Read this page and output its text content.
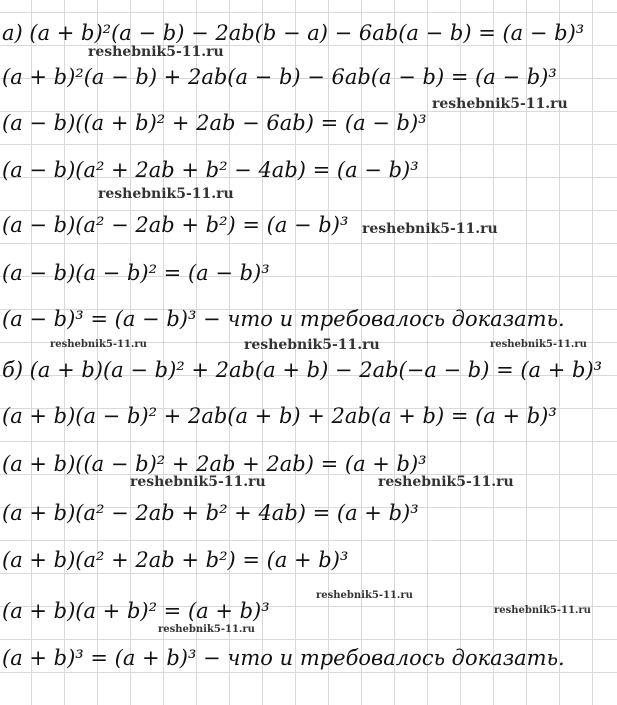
а) (a + b)²(a − b) − 2ab(b − a) − 6ab(a − b) = (a − b)³
(a + b)²(a − b) + 2ab(a − b) − 6ab(a − b) = (a − b)³
(a − b)((a + b)² + 2ab − 6ab) = (a − b)³
(a − b)(a² + 2ab + b² − 4ab) = (a − b)³
(a − b)(a² − 2ab + b²) = (a − b)³
(a − b)(a − b)² = (a − b)³
(a − b)³ = (a − b)³ − что и требовалось доказать.
б) (a + b)(a − b)² + 2ab(a + b) − 2ab(−a − b) = (a + b)³
(a + b)(a − b)² + 2ab(a + b) + 2ab(a + b) = (a + b)³
(a + b)((a − b)² + 2ab + 2ab) = (a + b)³
(a + b)(a² − 2ab + b² + 4ab) = (a + b)³
(a + b)(a² + 2ab + b²) = (a + b)³
(a + b)(a + b)² = (a + b)³
(a + b)³ = (a + b)³ − что и требовалось доказать.
reshebnik5-11.ru
reshebnik5-11.ru
reshebnik5-11.ru
reshebnik5-11.ru
reshebnik5-11.ru	reshebnik5-11.ru	reshebnik5-11.ru
reshebnik5-11.ru	reshebnik5-11.ru
reshebnik5-11.ru
reshebnik5-11.ru
reshebnik5-11.ru
